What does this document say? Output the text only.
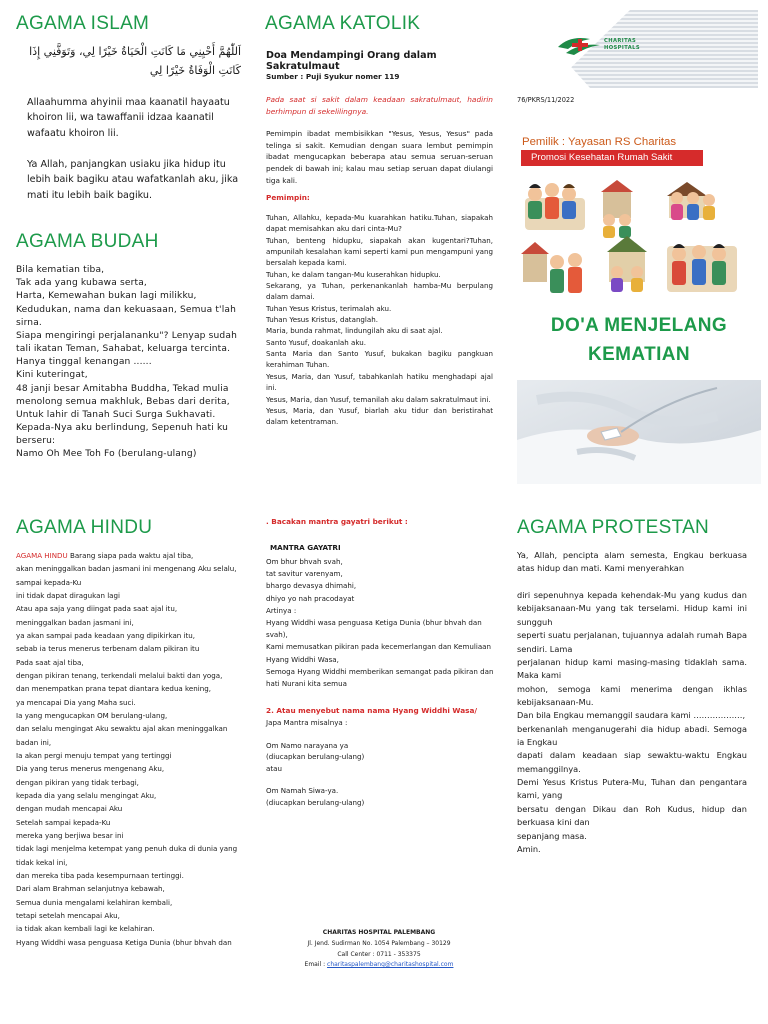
AGAMA ISLAM
اَللّٰهُمَّ أَحْيِنِي مَا كَانَتِ الْحَيَاةُ خَيْرًا لِي، وَتَوَفَّنِي إِذَا كَانَتِ الْوَفَاةُ خَيْرًا لِي
Allaahumma ahyinii maa kaanatil hayaatu khoiron lii, wa tawaffanii idzaa kaanatil wafaatu khoiron lii.
Ya Allah, panjangkan usiaku jika hidup itu lebih baik bagiku atau wafatkanlah aku, jika mati itu lebih baik bagiku.
AGAMA BUDAH
Bila kematian tiba,
Tak ada yang kubawa serta,
Harta, Kemewahan bukan lagi milikku, Kedudukan, nama dan kekuasaan, Semua t'lah sirna.
Siapa mengiringi perjalananku"? Lenyap sudah tali ikatan Teman, Sahabat, keluarga tercinta.
Hanya tinggal kenangan ......
Kini kuteringat,
48 janji besar Amitabha Buddha, Tekad mulia menolong semua makhluk, Bebas dari derita, Untuk lahir di Tanah Suci Surga Sukhavati.
Kepada-Nya aku berlindung, Sepenuh hati ku berseru:
Namo Oh Mee Toh Fo (berulang-ulang)
AGAMA KATOLIK
Doa Mendampingi Orang dalam Sakratulmaut
Sumber : Puji Syukur nomer 119
Pada saat si sakit dalam keadaan sakratulmaut, hadirin berhimpun di sekelilingnya.
Pemimpin ibadat membisikkan "Yesus, Yesus, Yesus" pada telinga si sakit. Kemudian dengan suara lembut pemimpin ibadat mengucapkan beberapa atau semua seruan-seruan pendek di bawah ini; kalau mau setiap seruan dapat diulangi tiga kali.
Pemimpin:
Tuhan, Allahku, kepada-Mu kuarahkan hatiku.Tuhan, siapakah dapat memisahkan aku dari cinta-Mu?
Tuhan, benteng hidupku, siapakah akan kugentari?Tuhan, ampunilah kesalahan kami seperti kami pun mengampuni yang bersalah kepada kami.
Tuhan, ke dalam tangan-Mu kuserahkan hidupku.
Sekarang, ya Tuhan, perkenankanlah hamba-Mu berpulang dalam damai.
Tuhan Yesus Kristus, terimalah aku.
Tuhan Yesus Kristus, datanglah.
Maria, bunda rahmat, lindungilah aku di saat ajal.
Santo Yusuf, doakanlah aku.
Santa Maria dan Santo Yusuf, bukakan bagiku pangkuan kerahiman Tuhan.
Yesus, Maria, dan Yusuf, tabahkanlah hatiku menghadapi ajal ini.
Yesus, Maria, dan Yusuf, temanilah aku dalam sakratulmaut ini.
Yesus, Maria, dan Yusuf, biarlah aku tidur dan beristirahat dalam ketentraman.
CHARITAS
HOSPITALS
76/PKRS/11/2022
Pemilik : Yayasan RS Charitas
Promosi Kesehatan Rumah Sakit
DO'A MENJELANG
KEMATIAN
AGAMA HINDU
AGAMA HINDU Barang siapa pada waktu ajal tiba,
akan meninggalkan badan jasmani ini mengenang Aku selalu,
sampai kepada-Ku
ini tidak dapat diragukan lagi
Atau apa saja yang diingat pada saat ajal itu,
meninggalkan badan jasmani ini,
ya akan sampai pada keadaan yang dipikirkan itu,
sebab ia terus menerus terbenam dalam pikiran itu
Pada saat ajal tiba,
dengan pikiran tenang, terkendali melalui bakti dan yoga,
dan menempatkan prana tepat diantara kedua kening,
ya mencapai Dia yang Maha suci.
Ia yang mengucapkan OM berulang-ulang,
dan selalu mengingat Aku sewaktu ajal akan meninggalkan badan ini,
Ia akan pergi menuju tempat yang tertinggi
Dia yang terus menerus mengenang Aku,
dengan pikiran yang tidak terbagi,
kepada dia yang selalu mengingat Aku,
dengan mudah mencapai Aku
Setelah sampai kepada-Ku
mereka yang berjiwa besar ini
tidak lagi menjelma ketempat yang penuh duka di dunia yang tidak kekal ini,
dan mereka tiba pada kesempurnaan tertinggi.
Dari alam Brahman selanjutnya kebawah,
Semua dunia mengalami kelahiran kembali,
tetapi setelah mencapai Aku,
ia tidak akan kembali lagi ke kelahiran.
Hyang Widdhi wasa penguasa Ketiga Dunia (bhur bhvah dan
. Bacakan mantra gayatri berikut :
MANTRA GAYATRI
Om bhur bhvah svah,
tat savitur varenyam,
bhargo devasya dhimahi,
dhiyo yo nah pracodayat
Artinya :
Hyang Widdhi wasa penguasa Ketiga Dunia (bhur bhvah dan svah),
Kami memusatkan pikiran pada kecemerlangan dan Kemuliaan Hyang Widdhi Wasa,
Semoga Hyang Widdhi memberikan semangat pada pikiran dan hati Nurani kita semua
2. Atau menyebut nama nama Hyang Widdhi Wasa/
Japa Mantra misalnya :
Om Namo narayana ya
(diucapkan berulang-ulang)
atau

Om Namah Siwa-ya.
(diucapkan berulang-ulang)
AGAMA PROTESTAN
Ya, Allah, pencipta alam semesta, Engkau berkuasa atas hidup dan mati. Kami menyerahkan

diri sepenuhnya kepada kehendak-Mu yang kudus dan kebijaksanaan-Mu yang tak terselami. Hidup kami ini sungguh
seperti suatu perjalanan, tujuannya adalah rumah Bapa sendiri. Lama
perjalanan hidup kami masing-masing tidaklah sama. Maka kami
mohon, semoga kami menerima dengan ikhlas kebijaksanaan-Mu.
Dan bila Engkau memanggil saudara kami ………………,
berkenanlah menganugerahi dia hidup abadi. Semoga ia Engkau
dapati dalam keadaan siap sewaktu-waktu Engkau memanggilnya.
Demi Yesus Kristus Putera-Mu, Tuhan dan pengantara kami, yang
bersatu dengan Dikau dan Roh Kudus, hidup dan berkuasa kini dan
sepanjang masa.
Amin.
CHARITAS HOSPITAL PALEMBANG
Jl. Jend. Sudirman No. 1054 Palembang – 30129
Call Center : 0711 - 353375
Email : charitaspalembang@charitashospital.com
